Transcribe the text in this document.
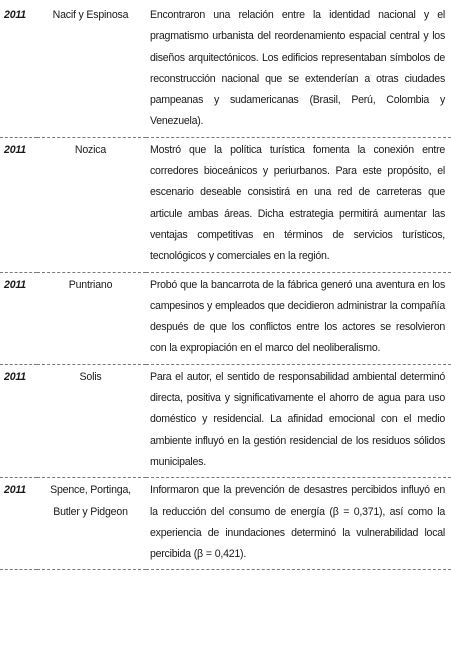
2011	Nacif y Espinosa	Encontraron una relación entre la identidad nacional y el pragmatismo urbanista del reordenamiento espacial central y los diseños arquitectónicos. Los edificios representaban símbolos de reconstrucción nacional que se extenderían a otras ciudades pampeanas y sudamericanas (Brasil, Perú, Colombia y Venezuela).
2011	Nozica	Mostró que la política turística fomenta la conexión entre corredores bioceánicos y periurbanos. Para este propósito, el escenario deseable consistirá en una red de carreteras que articule ambas áreas. Dicha estrategia permitirá aumentar las ventajas competitivas en términos de servicios turísticos, tecnológicos y comerciales en la región.
2011	Puntriano	Probó que la bancarrota de la fábrica generó una aventura en los campesinos y empleados que decidieron administrar la compañía después de que los conflictos entre los actores se resolvieron con la expropiación en el marco del neoliberalismo.
2011	Solis	Para el autor, el sentido de responsabilidad ambiental determinó directa, positiva y significativamente el ahorro de agua para uso doméstico y residencial. La afinidad emocional con el medio ambiente influyó en la gestión residencial de los residuos sólidos municipales.
2011	Spence, Portinga, Butler y Pidgeon	Informaron que la prevención de desastres percibidos influyó en la reducción del consumo de energía (β = 0,371), así como la experiencia de inundaciones determinó la vulnerabilidad local percibida (β = 0,421).
